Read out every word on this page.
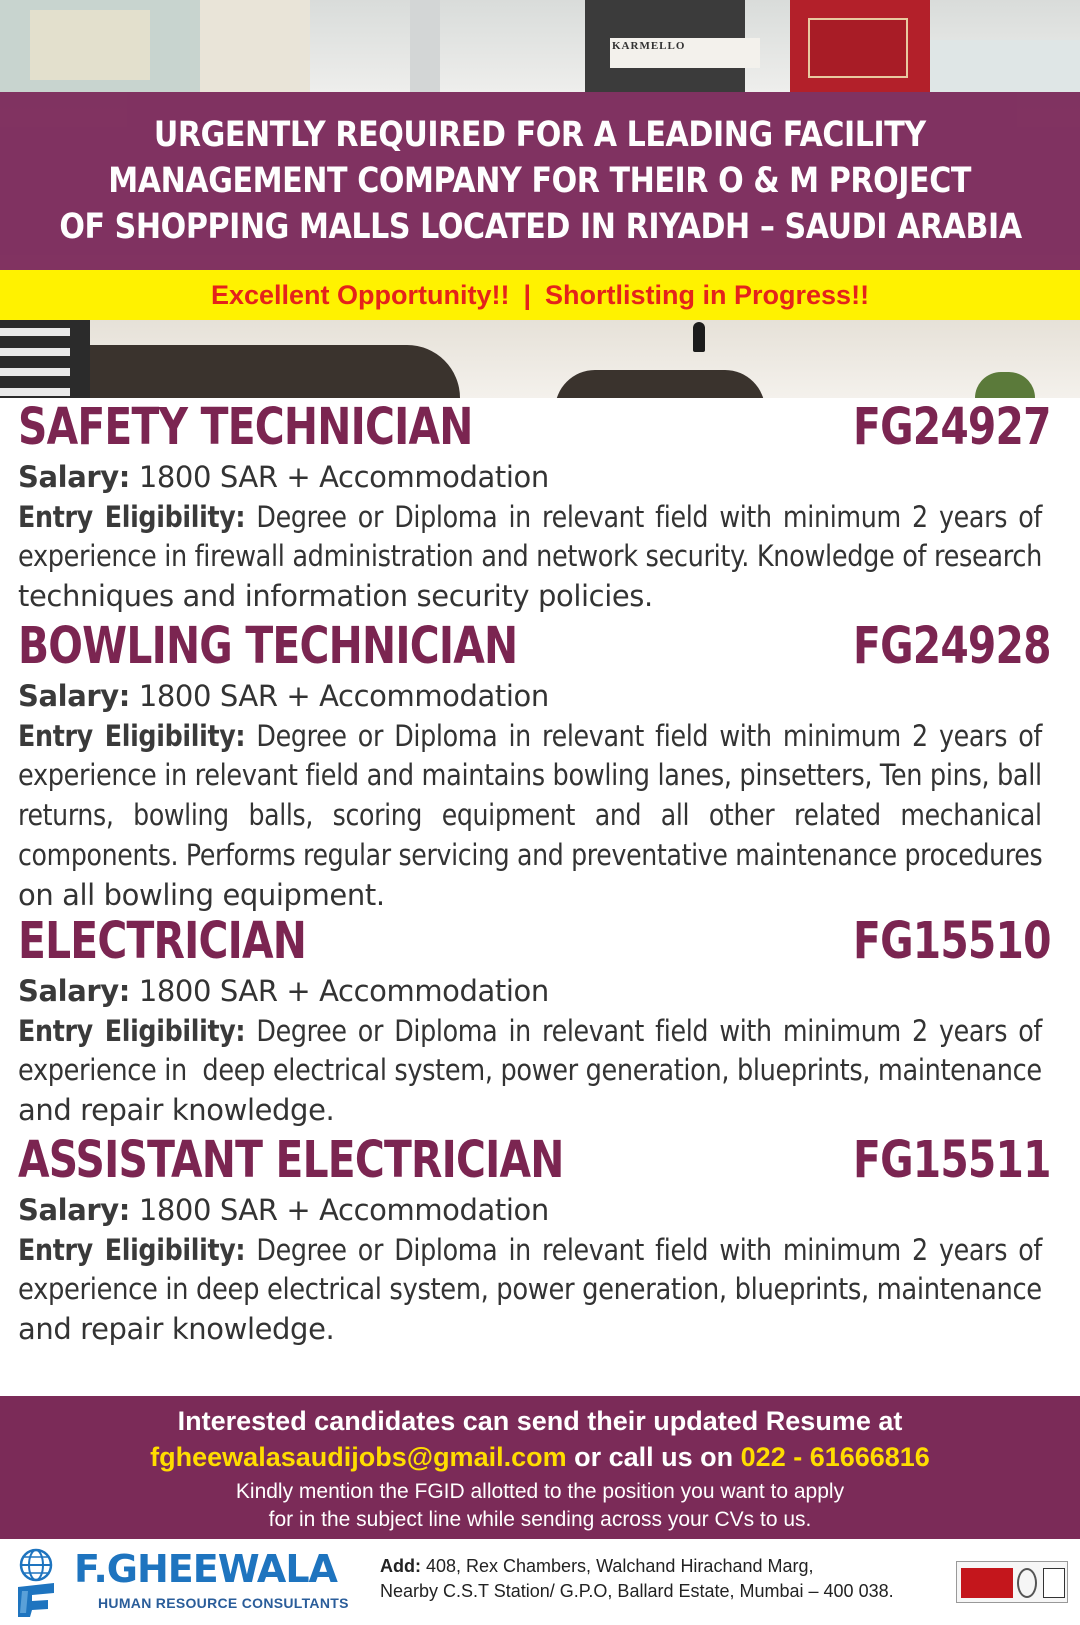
KARMELLO
URGENTLY REQUIRED FOR A LEADING FACILITY
MANAGEMENT COMPANY FOR THEIR O & M PROJECT
OF SHOPPING MALLS LOCATED IN RIYADH – SAUDI ARABIA
Excellent Opportunity!! | Shortlisting in Progress!!
SAFETY TECHNICIAN	FG24927
Salary: 1800 SAR + Accommodation
Entry Eligibility: Degree or Diploma in relevant field with minimum 2 years of
experience in firewall administration and network security. Knowledge of research
techniques and information security policies.
BOWLING TECHNICIAN	FG24928
Salary: 1800 SAR + Accommodation
Entry Eligibility: Degree or Diploma in relevant field with minimum 2 years of
experience in relevant field and maintains bowling lanes, pinsetters, Ten pins, ball
returns, bowling balls, scoring equipment and all other related mechanical
components. Performs regular servicing and preventative maintenance procedures
on all bowling equipment.
ELECTRICIAN	FG15510
Salary: 1800 SAR + Accommodation
Entry Eligibility: Degree or Diploma in relevant field with minimum 2 years of
experience in  deep electrical system, power generation, blueprints, maintenance
and repair knowledge.
ASSISTANT ELECTRICIAN	FG15511
Salary: 1800 SAR + Accommodation
Entry Eligibility: Degree or Diploma in relevant field with minimum 2 years of
experience in deep electrical system, power generation, blueprints, maintenance
and repair knowledge.
Interested candidates can send their updated Resume at
fgheewalasaudijobs@gmail.com or call us on 022 - 61666816
Kindly mention the FGID allotted to the position you want to apply
for in the subject line while sending across your CVs to us.
F.GHEEWALA
HUMAN RESOURCE CONSULTANTS
Add: 408, Rex Chambers, Walchand Hirachand Marg,
Nearby C.S.T Station/ G.P.O, Ballard Estate, Mumbai – 400 038.
